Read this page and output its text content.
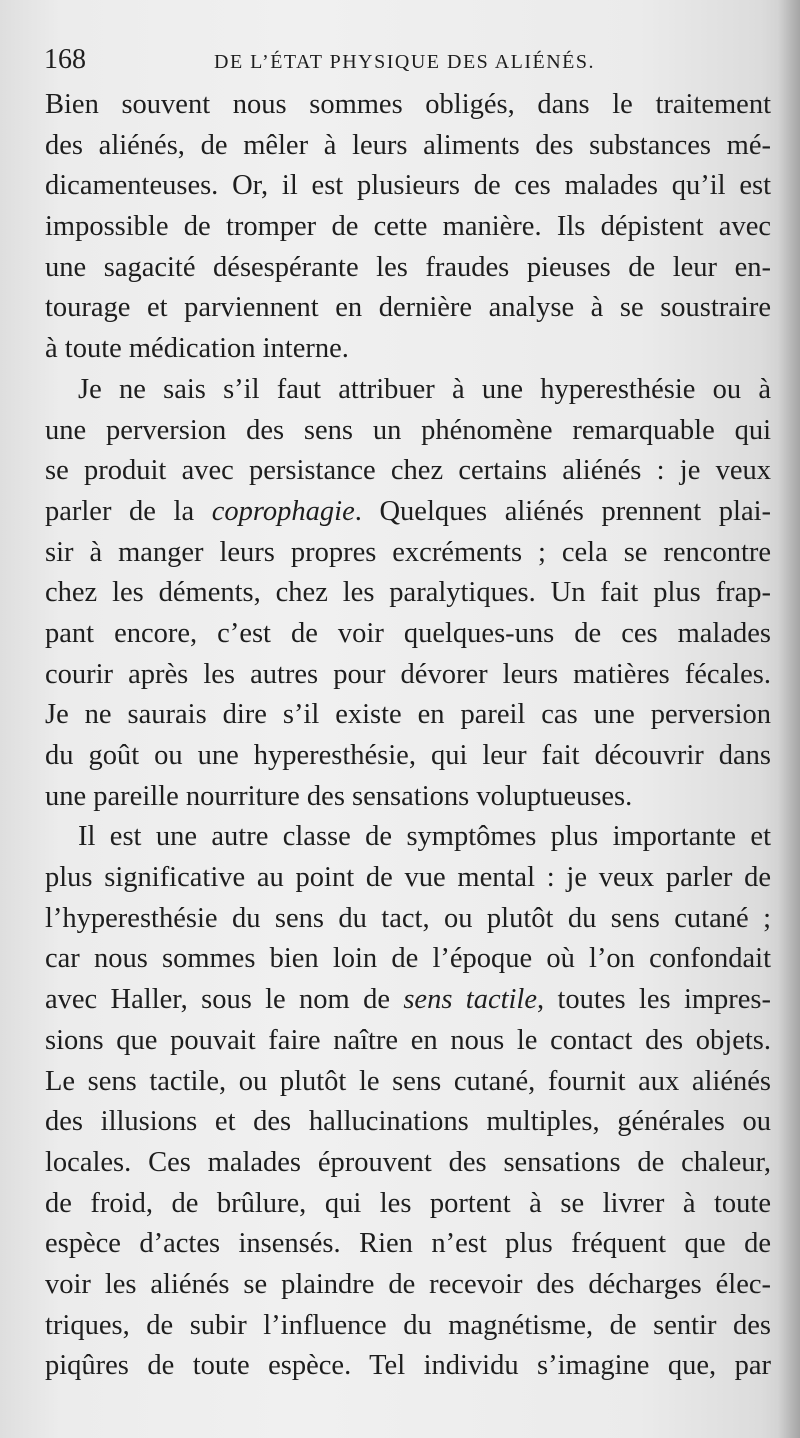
168	DE L’ÉTAT PHYSIQUE DES ALIÉNÉS.
Bien souvent nous sommes obligés, dans le traitement
des aliénés, de mêler à leurs aliments des substances mé-
dicamenteuses. Or, il est plusieurs de ces malades qu’il est
impossible de tromper de cette manière. Ils dépistent avec
une sagacité désespérante les fraudes pieuses de leur en-
tourage et parviennent en dernière analyse à se soustraire
à toute médication interne.
Je ne sais s’il faut attribuer à une hyperesthésie ou à
une perversion des sens un phénomène remarquable qui
se produit avec persistance chez certains aliénés : je veux
parler de la coprophagie. Quelques aliénés prennent plai-
sir à manger leurs propres excréments ; cela se rencontre
chez les déments, chez les paralytiques. Un fait plus frap-
pant encore, c’est de voir quelques-uns de ces malades
courir après les autres pour dévorer leurs matières fécales.
Je ne saurais dire s’il existe en pareil cas une perversion
du goût ou une hyperesthésie, qui leur fait découvrir dans
une pareille nourriture des sensations voluptueuses.
Il est une autre classe de symptômes plus importante et
plus significative au point de vue mental : je veux parler de
l’hyperesthésie du sens du tact, ou plutôt du sens cutané ;
car nous sommes bien loin de l’époque où l’on confondait
avec Haller, sous le nom de sens tactile, toutes les impres-
sions que pouvait faire naître en nous le contact des objets.
Le sens tactile, ou plutôt le sens cutané, fournit aux aliénés
des illusions et des hallucinations multiples, générales ou
locales. Ces malades éprouvent des sensations de chaleur,
de froid, de brûlure, qui les portent à se livrer à toute
espèce d’actes insensés. Rien n’est plus fréquent que de
voir les aliénés se plaindre de recevoir des décharges élec-
triques, de subir l’influence du magnétisme, de sentir des
piqûres de toute espèce. Tel individu s’imagine que, par
